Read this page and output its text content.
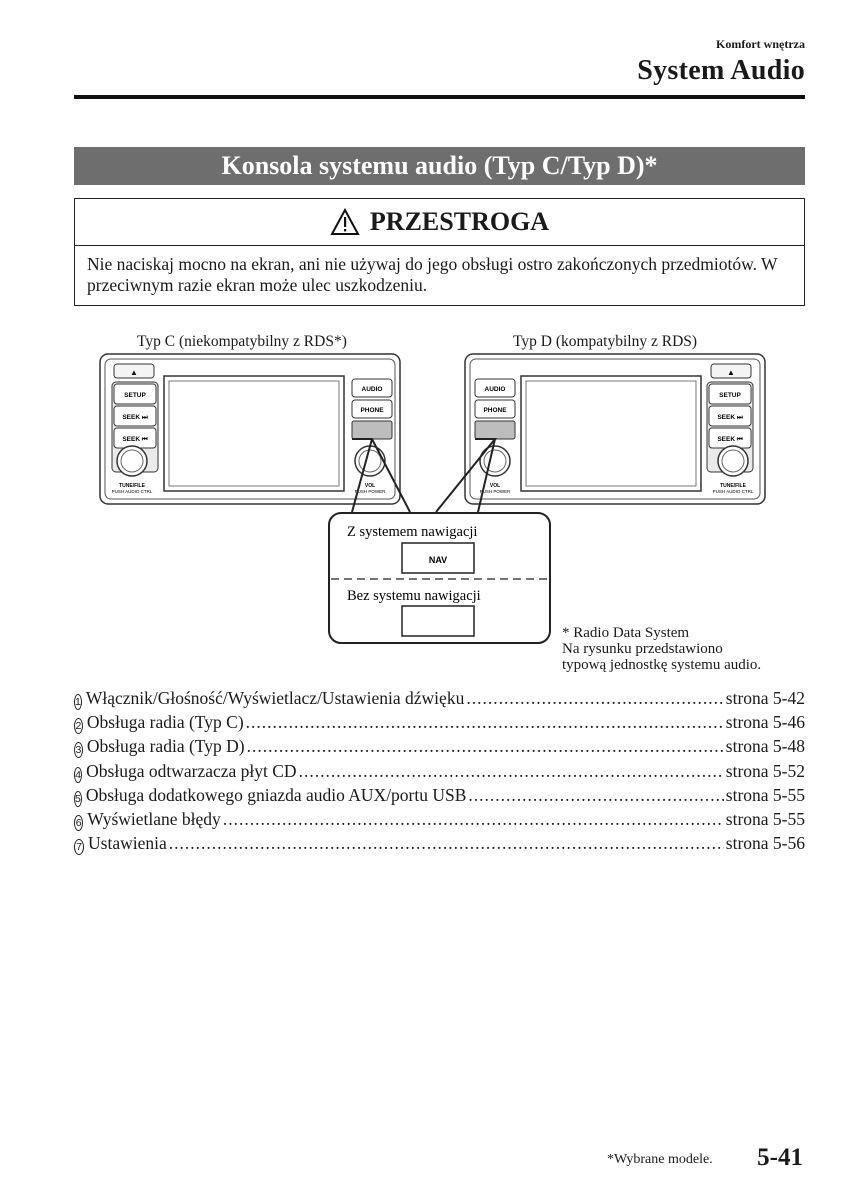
Komfort wnętrza
System Audio
Konsola systemu audio (Typ C/Typ D)*
PRZESTROGA
Nie naciskaj mocno na ekran, ani nie używaj do jego obsługi ostro zakończonych przedmiotów. W przeciwnym razie ekran może ulec uszkodzeniu.
Typ C (niekompatybilny z RDS*)	Typ D (kompatybilny z RDS)
▲
SETUP
SEEK ⏭
SEEK ⏮
TUNE/FILE
PUSH AUDIO CTRL
AUDIO
PHONE
VOL
PUSH POWER
AUDIO
PHONE
VOL
PUSH POWER
▲
SETUP
SEEK ⏭
SEEK ⏮
TUNE/FILE
PUSH AUDIO CTRL
Z systemem nawigacji
NAV
Bez systemu nawigacji
* Radio Data System
Na rysunku przedstawiono
typową jednostkę systemu audio.
1 Włącznik/Głośność/Wyświetlacz/Ustawienia dźwięku .....	strona 5-42
2 Obsługa radia (Typ C) .....	strona 5-46
3 Obsługa radia (Typ D) .....	strona 5-48
4 Obsługa odtwarzacza płyt CD .....	strona 5-52
5 Obsługa dodatkowego gniazda audio AUX/portu USB .....	strona 5-55
6 Wyświetlane błędy .....	strona 5-55
7 Ustawienia .....	strona 5-56
*Wybrane modele. 5-41
